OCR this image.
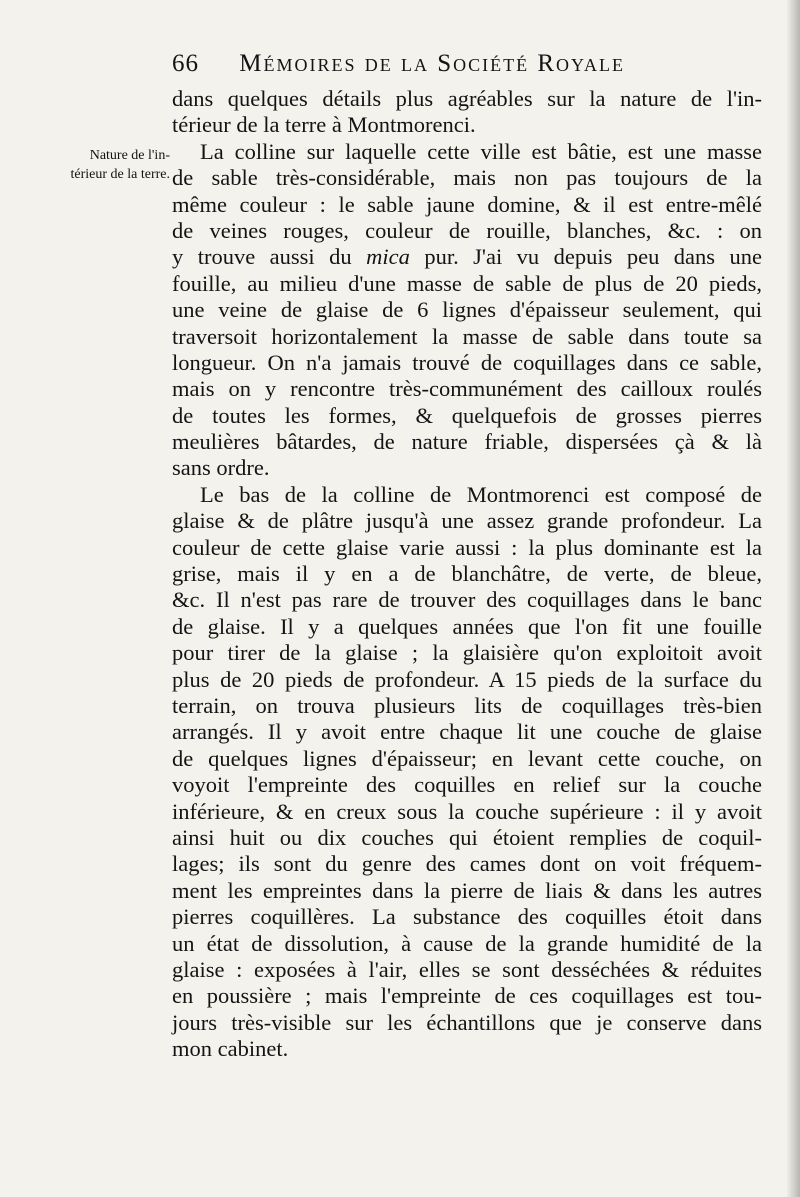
66 Mémoires de la Société Royale
Nature de l'in-
térieur de la terre.
dans quelques détails plus agréables sur la nature de l'in-
térieur de la terre à Montmorenci.
La colline sur laquelle cette ville est bâtie, est une masse
de sable très-considérable, mais non pas toujours de la
même couleur : le sable jaune domine, & il est entre-mêlé
de veines rouges, couleur de rouille, blanches, &c. : on
y trouve aussi du mica pur. J'ai vu depuis peu dans une
fouille, au milieu d'une masse de sable de plus de 20 pieds,
une veine de glaise de 6 lignes d'épaisseur seulement, qui
traversoit horizontalement la masse de sable dans toute sa
longueur. On n'a jamais trouvé de coquillages dans ce sable,
mais on y rencontre très-communément des cailloux roulés
de toutes les formes, & quelquefois de grosses pierres
meulières bâtardes, de nature friable, dispersées çà & là
sans ordre.
Le bas de la colline de Montmorenci est composé de
glaise & de plâtre jusqu'à une assez grande profondeur. La
couleur de cette glaise varie aussi : la plus dominante est la
grise, mais il y en a de blanchâtre, de verte, de bleue,
&c. Il n'est pas rare de trouver des coquillages dans le banc
de glaise. Il y a quelques années que l'on fit une fouille
pour tirer de la glaise ; la glaisière qu'on exploitoit avoit
plus de 20 pieds de profondeur. A 15 pieds de la surface du
terrain, on trouva plusieurs lits de coquillages très-bien
arrangés. Il y avoit entre chaque lit une couche de glaise
de quelques lignes d'épaisseur; en levant cette couche, on
voyoit l'empreinte des coquilles en relief sur la couche
inférieure, & en creux sous la couche supérieure : il y avoit
ainsi huit ou dix couches qui étoient remplies de coquil-
lages; ils sont du genre des cames dont on voit fréquem-
ment les empreintes dans la pierre de liais & dans les autres
pierres coquillères. La substance des coquilles étoit dans
un état de dissolution, à cause de la grande humidité de la
glaise : exposées à l'air, elles se sont desséchées & réduites
en poussière ; mais l'empreinte de ces coquillages est tou-
jours très-visible sur les échantillons que je conserve dans
mon cabinet.
